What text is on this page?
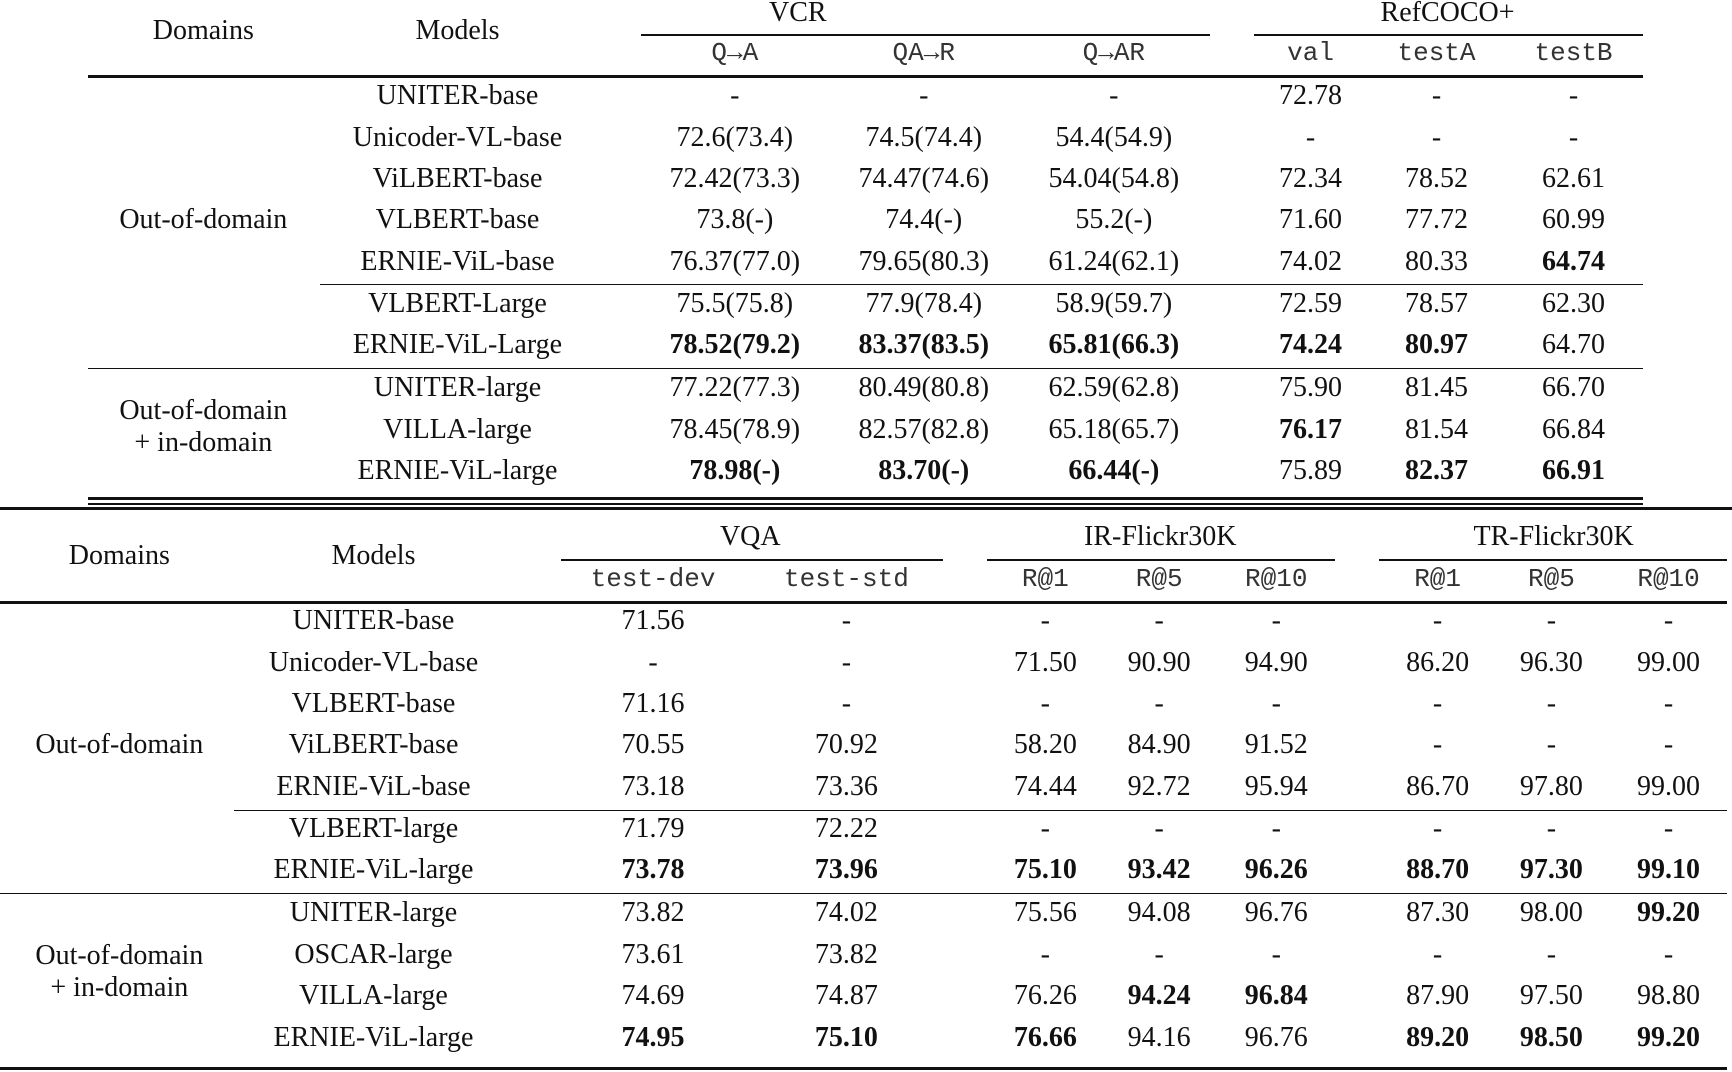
Domains	Models
VCR
Q→A	QA→R	Q→AR
RefCOCO+
val testA testB
Out-of-domain
Out-of-domain
+ in-domain
UNITER-base	-	-	-	72.78	-	-
Unicoder-VL-base	72.6(73.4)	74.5(74.4)	54.4(54.9)	-	-	-
ViLBERT-base	72.42(73.3) 74.47(74.6) 54.04(54.8)	72.34 78.52	62.61
VLBERT-base	73.8(-)	74.4(-)	55.2(-)	71.60 77.72	60.99
ERNIE-ViL-base	76.37(77.0) 79.65(80.3) 61.24(62.1)	74.02 80.33	64.74
VLBERT-Large	75.5(75.8)	77.9(78.4)	58.9(59.7)	72.59 78.57	62.30
ERNIE-ViL-Large	78.52(79.2) 83.37(83.5) 65.81(66.3)	74.24 80.97	64.70
UNITER-large	77.22(77.3) 80.49(80.8) 62.59(62.8)	75.90 81.45	66.70
VILLA-large	78.45(78.9) 82.57(82.8) 65.18(65.7)	76.17 81.54	66.84
ERNIE-ViL-large	78.98(-)	83.70(-)	66.44(-)	75.89 82.37	66.91
Domains	Models
VQA
test-dev	test-std
IR-Flickr30K
R@1	R@5 R@10
TR-Flickr30K
R@1	R@5 R@10
Out-of-domain
Out-of-domain
+ in-domain
UNITER-base	71.56	-	-	-	-	-	-	-
Unicoder-VL-base	-	-	71.50 90.90 94.90	86.20 96.30 99.00
VLBERT-base	71.16	-	-	-	-	-	-	-
ViLBERT-base	70.55	70.92	58.20 84.90 91.52	-	-	-
ERNIE-ViL-base	73.18	73.36	74.44 92.72 95.94	86.70 97.80 99.00
VLBERT-large	71.79	72.22	-	-	-	-	-	-
ERNIE-ViL-large	73.78	73.96	75.10 93.42 96.26	88.70 97.30 99.10
UNITER-large	73.82	74.02	75.56 94.08 96.76	87.30 98.00 99.20
OSCAR-large	73.61	73.82	-	-	-	-	-	-
VILLA-large	74.69	74.87	76.26 94.24 96.84	87.90 97.50 98.80
ERNIE-ViL-large	74.95	75.10	76.66 94.16 96.76	89.20 98.50 99.20
